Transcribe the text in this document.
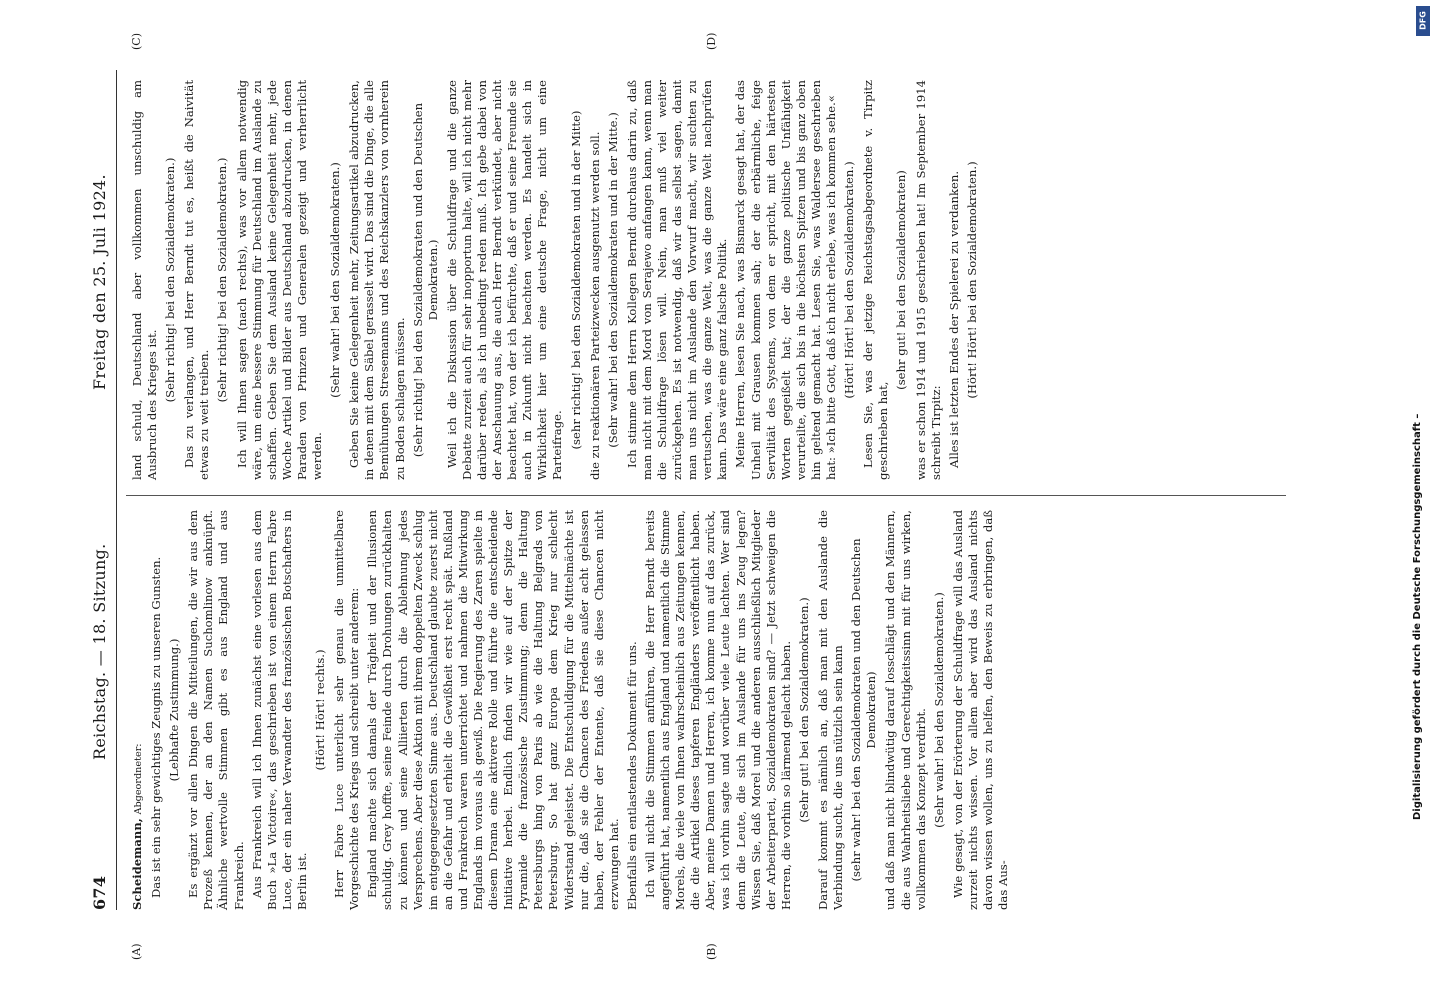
674
Reichstag. — 18. Sitzung.
Freitag den 25. Juli 1924.
(A)	(B)
(C)	(D)

Scheidemann, Abgeordneter: Das ist ein sehr gewichtiges Zeugnis zu unseren Gunsten. (Lebhafte Zustimmung.) Es ergänzt vor allen Dingen die Mitteilungen, die wir aus dem Prozeß kennen, der an den Namen Suchomlinow anknüpft. Ähnliche wertvolle Stimmen gibt es aus England und aus Frankreich. Aus Frankreich will ich Ihnen zunächst eine vorlesen aus dem Buch »La Victoire«, das geschrieben ist von einem Herrn Fabre Luce, der ein naher Verwandter des französischen Botschafters in Berlin ist.

(Hört! Hört! rechts.) Herr Fabre Luce unterlicht sehr genau die unmittelbare Vorgeschichte des Kriegs und schreibt unter anderem: England machte sich damals der Trägheit und der Illusionen schuldig. Grey hoffte, seine Feinde durch Drohungen zurückhalten zu können und seine Alliierten durch die Ablehnung jedes Versprechens. Aber diese Aktion mit ihrem doppelten Zweck schlug im entgegengesetzten Sinne aus. Deutschland glaubte zuerst nicht an die Gefahr und erhielt die Gewißheit erst recht spät. Rußland und Frankreich waren unterrichtet und nahmen die Mitwirkung Englands im voraus als gewiß. Die Regierung des Zaren spielte in diesem Drama eine aktivere Rolle und führte die entscheidende Initiative herbei. Endlich finden wir wie auf der Spitze der Pyramide die französische Zustimmung; denn die Haltung Petersburgs hing von Paris ab wie die Haltung Belgrads von Petersburg. So hat ganz Europa dem Krieg nur schlecht Widerstand geleistet. Die Entschuldigung für die Mittelmächte ist nur die, daß sie die Chancen des Friedens außer acht gelassen haben, der Fehler der Entente, daß sie diese Chancen nicht erzwungen hat. Ebenfalls ein entlastendes Dokument für uns. Ich will nicht die Stimmen anführen, die Herr Berndt bereits angeführt hat, namentlich aus England und namentlich die Stimme Morels, die viele von Ihnen wahrscheinlich aus Zeitungen kennen, die die Artikel dieses tapferen Engländers veröffentlicht haben. Aber, meine Damen und Herren, ich komme nun auf das zurück, was ich vorhin sagte und worüber viele Leute lachten. Wer sind denn die Leute, die sich im Auslande für uns ins Zeug legen? Wissen Sie, daß Morel und die anderen ausschließlich Mitglieder der Arbeiterpartei, Sozialdemokraten sind? — Jetzt schweigen die Herren, die vorhin so lärmend gelacht haben. (Sehr gut! bei den Sozialdemokraten.) Darauf kommt es nämlich an, daß man mit den Auslande die Verbindung sucht, die uns nützlich sein kann (sehr wahr! bei den Sozialdemokraten und den Deutschen Demokraten) und daß man nicht blindwütig darauf losschlägt und den Männern, die aus Wahrheitsliebe und Gerechtigkeitssinn mit für uns wirken, vollkommen das Konzept verdirbt. (Sehr wahr! bei den Sozialdemokraten.) Wie gesagt, von der Erörterung der Schuldfrage will das Ausland zurzeit nichts wissen. Vor allem aber wird das Ausland nichts davon wissen wollen, uns zu helfen, den Beweis zu erbringen, daß das Aus-

land schuld, Deutschland aber vollkommen unschuldig am Ausbruch des Krieges ist.

(Sehr richtig! bei den Sozialdemokraten.) Das zu verlangen, und Herr Berndt tut es, heißt die Naivität etwas zu weit treiben.

(Sehr richtig! bei den Sozialdemokraten.) Ich will Ihnen sagen (nach rechts), was vor allem notwendig wäre, um eine bessere Stimmung für Deutschland im Auslande zu schaffen. Geben Sie dem Ausland keine Gelegenheit mehr, jede Woche Artikel und Bilder aus Deutschland abzudrucken, in denen Paraden von Prinzen und Generalen gezeigt und verherrlicht werden.

(Sehr wahr! bei den Sozialdemokraten.) Geben Sie keine Gelegenheit mehr, Zeitungsartikel abzudrucken, in denen mit dem Säbel gerasselt wird. Das sind die Dinge, die alle Bemühungen Stresemanns und des Reichskanzlers von vornherein zu Boden schlagen müssen. (Sehr richtig! bei den Sozialdemokraten und den Deutschen Demokraten.) Weil ich die Diskussion über die Schuldfrage und die ganze Debatte zurzeit auch für sehr inopportun halte, will ich nicht mehr darüber reden, als ich unbedingt reden muß. Ich gebe dabei von der Anschauung aus, die auch Herr Berndt verkündet, aber nicht beachtet hat, von der ich befürchte, daß er und seine Freunde sie auch in Zukunft nicht beachten werden. Es handelt sich in Wirklichkeit hier um eine deutsche Frage, nicht um eine Parteifrage. (sehr richtig! bei den Sozialdemokraten und in der Mitte) die zu reaktionären Parteizwecken ausgenutzt werden soll. (Sehr wahr! bei den Sozialdemokraten und in der Mitte.) Ich stimme dem Herrn Kollegen Berndt durchaus darin zu, daß man nicht mit dem Mord von Serajewo anfangen kann, wenn man die Schuldfrage lösen will. Nein, man muß viel weiter zurückgehen. Es ist notwendig, daß wir das selbst sagen, damit man uns nicht im Auslande den Vorwurf macht, wir suchten zu vertuschen, was die ganze Welt, was die ganze Welt nachprüfen kann. Das wäre eine ganz falsche Politik. Meine Herren, lesen Sie nach, was Bismarck gesagt hat, der das Unheil mit Grausen kommen sah; der die erbärmliche, feige Servilität des Systems, von dem er spricht, mit den härtesten Worten gegeißelt hat; der die ganze politische Unfähigkeit verurteilte, die sich bis in die höchsten Spitzen und bis ganz oben hin geltend gemacht hat. Lesen Sie, was Waldersee geschrieben hat: »Ich bitte Gott, daß ich nicht erlebe, was ich kommen sehe.« (Hört! Hört! bei den Sozialdemokraten.) Lesen Sie, was der jetzige Reichstagsabgeordnete v. Tirpitz geschrieben hat,

(sehr gut! bei den Sozialdemokraten) was er schon 1914 und 1915 geschrieben hat! Im September 1914 schreibt Tirpitz: Alles ist letzten Endes der Spielerei zu verdanken. (Hört! Hört! bei den Sozialdemokraten.)

Digitalisierung gefördert durch die Deutsche Forschungsgemeinschaft –
DFG
